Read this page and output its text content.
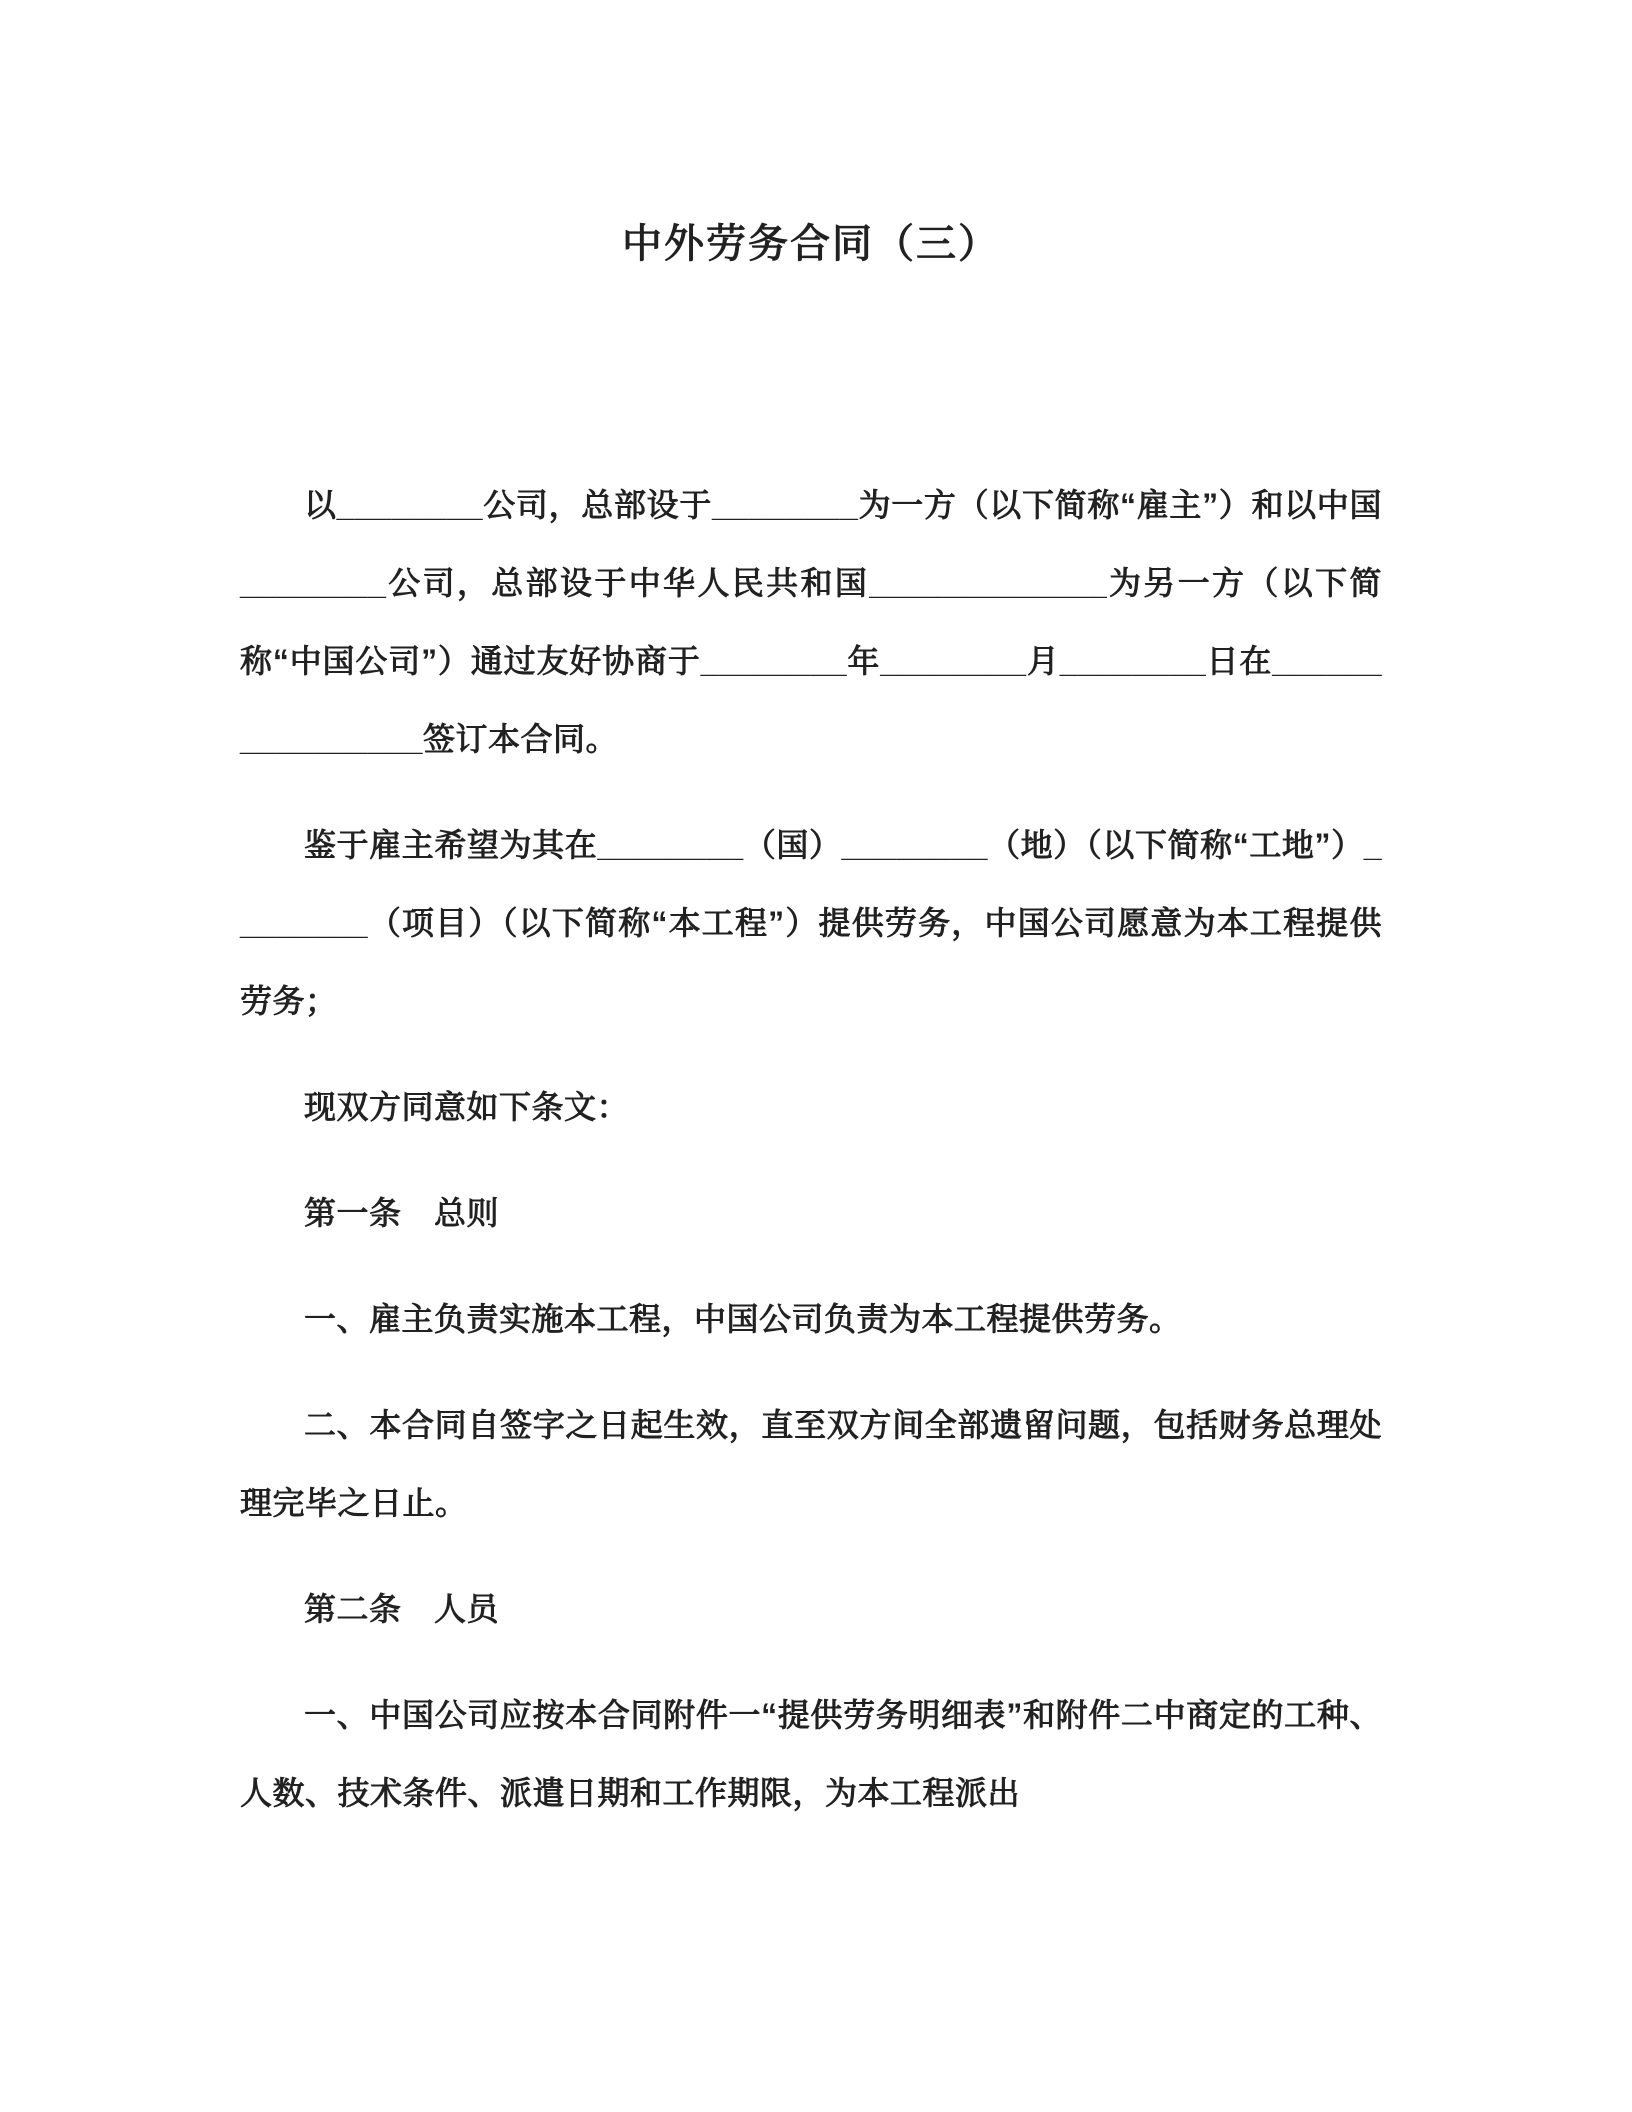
中外劳务合同（三）

以________公司，总部设于________为一方（以下简称“雇主”）和以中国________公司，总部设于中华人民共和国_____________为另一方（以下简称“中国公司”）通过友好协商于________年________月________日在________________签订本合同。

鉴于雇主希望为其在________（国）________（地）（以下简称“工地”）________（项目）（以下简称“本工程”）提供劳务，中国公司愿意为本工程提供劳务；

现双方同意如下条文：

第一条　总则

一、雇主负责实施本工程，中国公司负责为本工程提供劳务。

二、本合同自签字之日起生效，直至双方间全部遗留问题，包括财务总理处理完毕之日止。

第二条　人员

一、中国公司应按本合同附件一“提供劳务明细表”和附件二中商定的工种、人数、技术条件、派遣日期和工作期限，为本工程派出
